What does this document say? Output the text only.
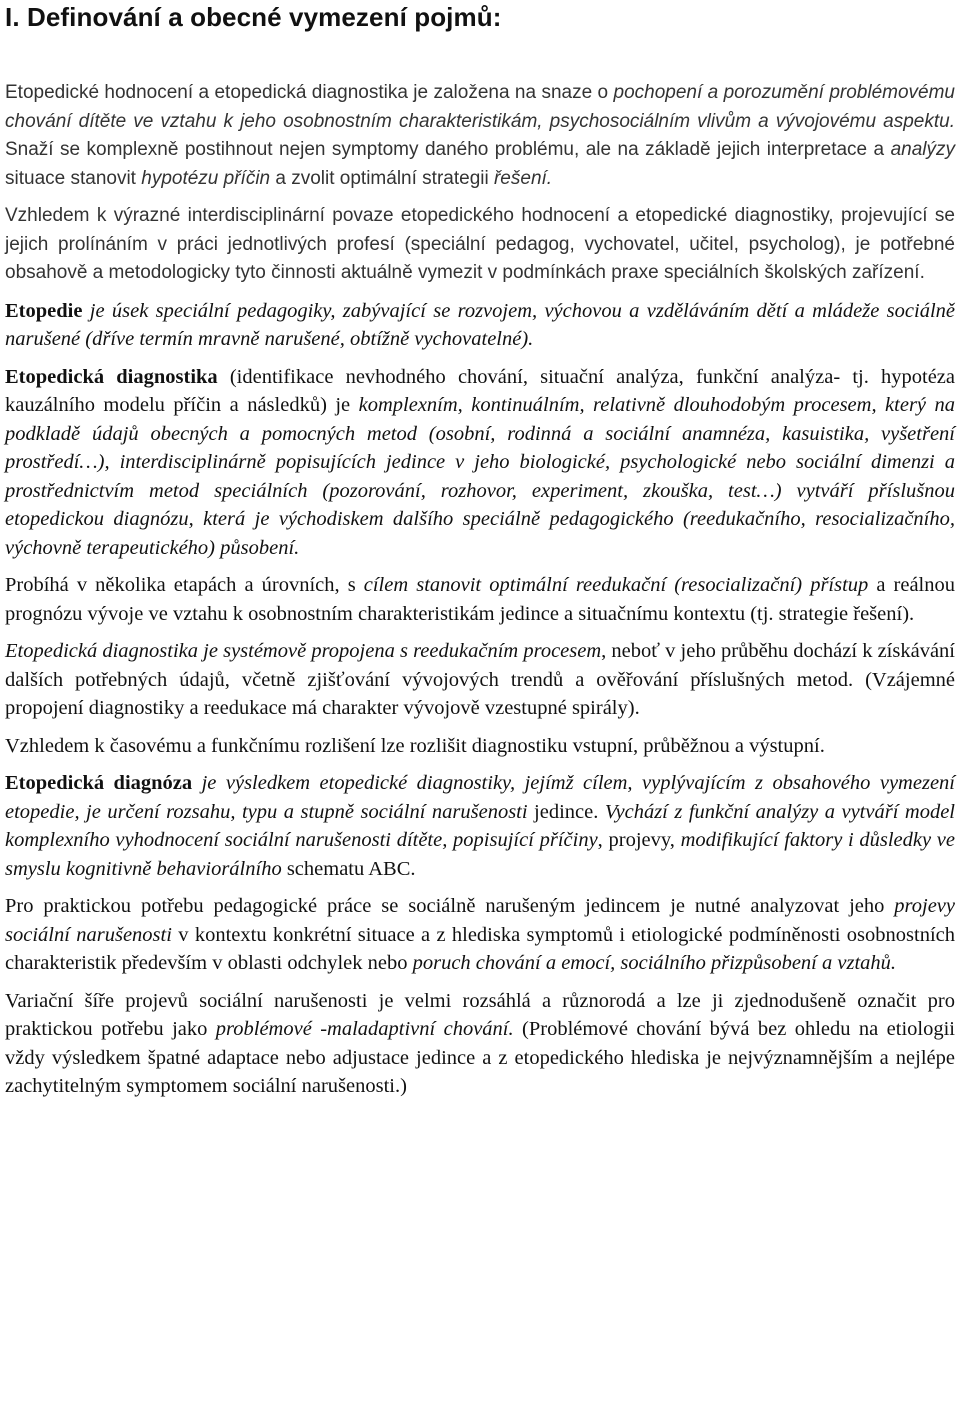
I. Definování a obecné vymezení pojmů:

Etopedické hodnocení a etopedická diagnostika je založena na snaze o pochopení a porozumění problémovému chování dítěte ve vztahu k jeho osobnostním charakteristikám, psychosociálním vlivům a vývojovému aspektu. Snaží se komplexně postihnout nejen symptomy daného problému, ale na základě jejich interpretace a analýzy situace stanovit hypotézu příčin a zvolit optimální strategii řešení.

Vzhledem k výrazné interdisciplinární povaze etopedického hodnocení a etopedické diagnostiky, projevující se jejich prolínáním v práci jednotlivých profesí (speciální pedagog, vychovatel, učitel, psycholog), je potřebné obsahově a metodologicky tyto činnosti aktuálně vymezit v podmínkách praxe speciálních školských zařízení.

Etopedie je úsek speciální pedagogiky, zabývající se rozvojem, výchovou a vzděláváním dětí a mládeže sociálně narušené (dříve termín mravně narušené, obtížně vychovatelné).

Etopedická diagnostika (identifikace nevhodného chování, situační analýza, funkční analýza- tj. hypotéza kauzálního modelu příčin a následků) je komplexním, kontinuálním, relativně dlouhodobým procesem, který na podkladě údajů obecných a pomocných metod (osobní, rodinná a sociální anamnéza, kasuistika, vyšetření prostředí…), interdisciplinárně popisujících jedince v jeho biologické, psychologické nebo sociální dimenzi a prostřednictvím metod speciálních (pozorování, rozhovor, experiment, zkouška, test…) vytváří příslušnou etopedickou diagnózu, která je východiskem dalšího speciálně pedagogického (reedukačního, resocializačního, výchovně terapeutického) působení.

Probíhá v několika etapách a úrovních, s cílem stanovit optimální reedukační (resocializační) přístup a reálnou prognózu vývoje ve vztahu k osobnostním charakteristikám jedince a situačnímu kontextu (tj. strategie řešení).

Etopedická diagnostika je systémově propojena s reedukačním procesem, neboť v jeho průběhu dochází k získávání dalších potřebných údajů, včetně zjišťování vývojových trendů a ověřování příslušných metod. (Vzájemné propojení diagnostiky a reedukace má charakter vývojově vzestupné spirály).

Vzhledem k časovému a funkčnímu rozlišení lze rozlišit diagnostiku vstupní, průběžnou a výstupní.

Etopedická diagnóza je výsledkem etopedické diagnostiky, jejímž cílem, vyplývajícím z obsahového vymezení etopedie, je určení rozsahu, typu a stupně sociální narušenosti jedince. Vychází z funkční analýzy a vytváří model komplexního vyhodnocení sociální narušenosti dítěte, popisující příčiny, projevy, modifikující faktory i důsledky ve smyslu kognitivně behaviorálního schematu ABC.

Pro praktickou potřebu pedagogické práce se sociálně narušeným jedincem je nutné analyzovat jeho projevy sociální narušenosti v kontextu konkrétní situace a z hlediska symptomů i etiologické podmíněnosti osobnostních charakteristik především v oblasti odchylek nebo poruch chování a emocí, sociálního přizpůsobení a vztahů.

Variační šíře projevů sociální narušenosti je velmi rozsáhlá a různorodá a lze ji zjednodušeně označit pro praktickou potřebu jako problémové -maladaptivní chování. (Problémové chování bývá bez ohledu na etiologii vždy výsledkem špatné adaptace nebo adjustace jedince a z etopedického hlediska je nejvýznamnějším a nejlépe zachytitelným symptomem sociální narušenosti.)
